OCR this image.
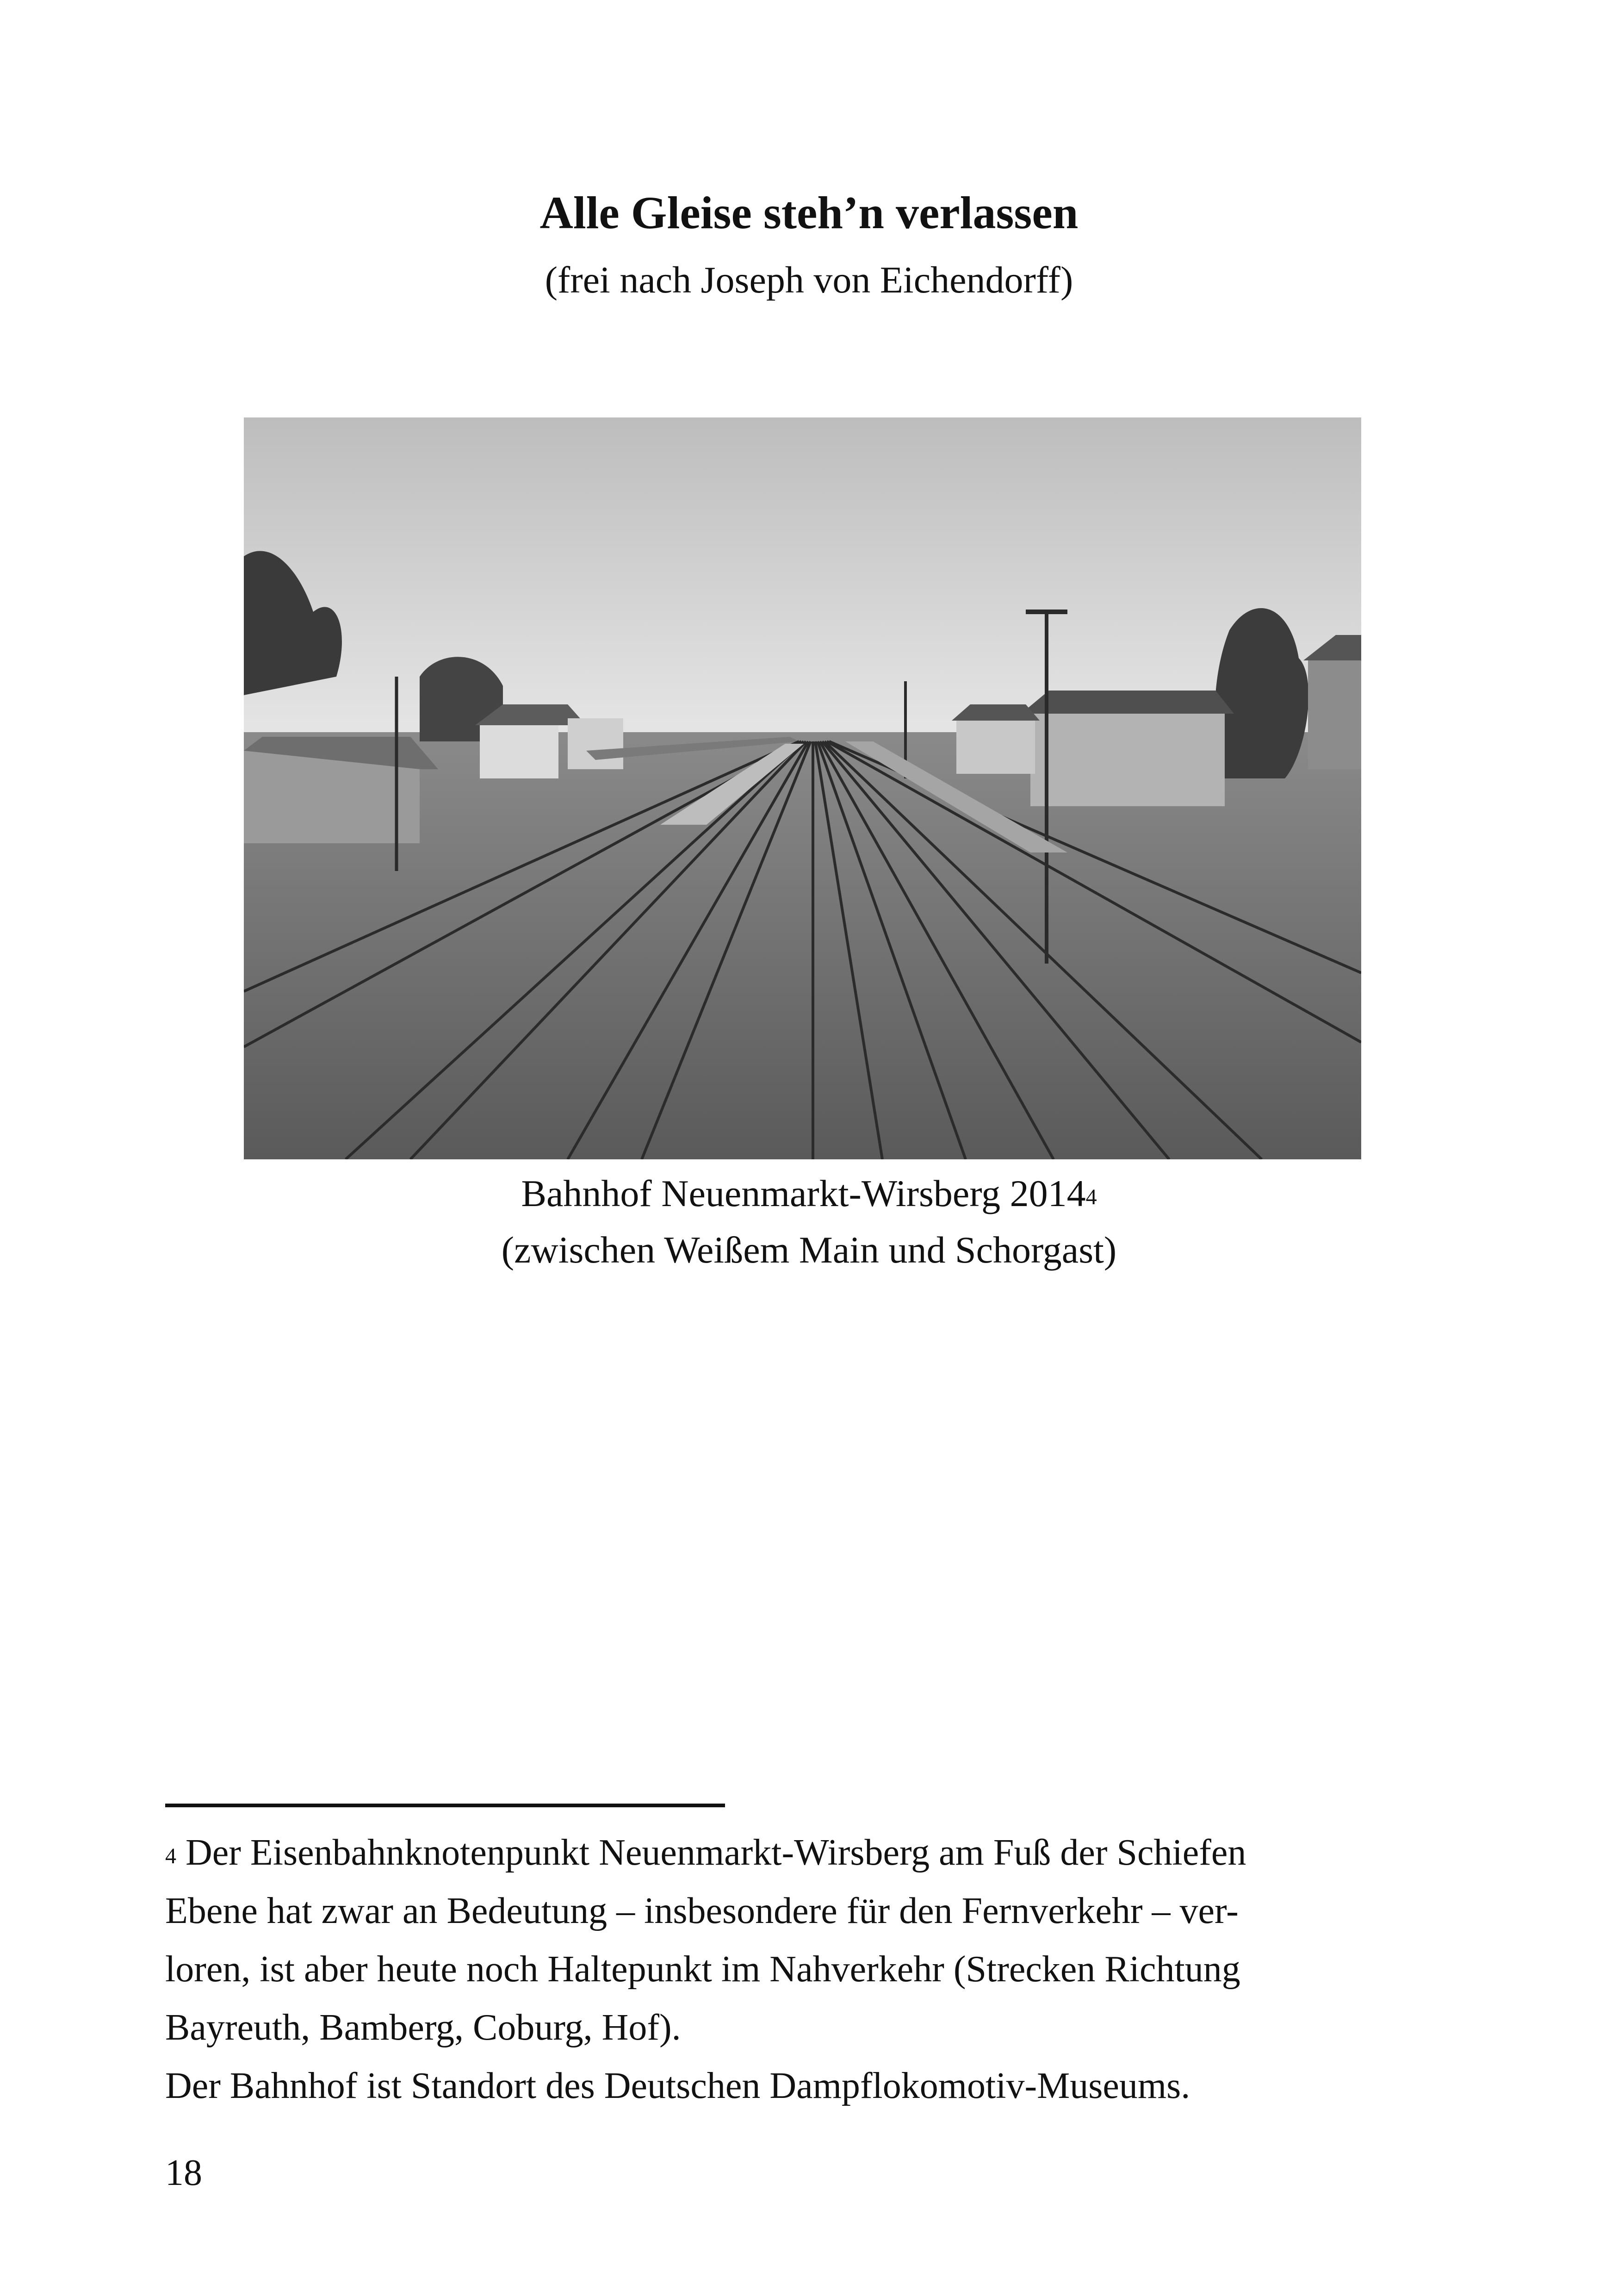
Alle Gleise steh’n verlassen
(frei nach Joseph von Eichendorff)
Bahnhof Neuenmarkt-Wirsberg 2014$^4$
(zwischen Weißem Main und Schorgast)
$^4$ Der Eisenbahnknotenpunkt Neuenmarkt-Wirsberg am Fuß der Schiefen
Ebene hat zwar an Bedeutung – insbesondere für den Fernverkehr – ver-
loren, ist aber heute noch Haltepunkt im Nahverkehr (Strecken Richtung
Bayreuth, Bamberg, Coburg, Hof).
Der Bahnhof ist Standort des Deutschen Dampflokomotiv-Museums.
18
